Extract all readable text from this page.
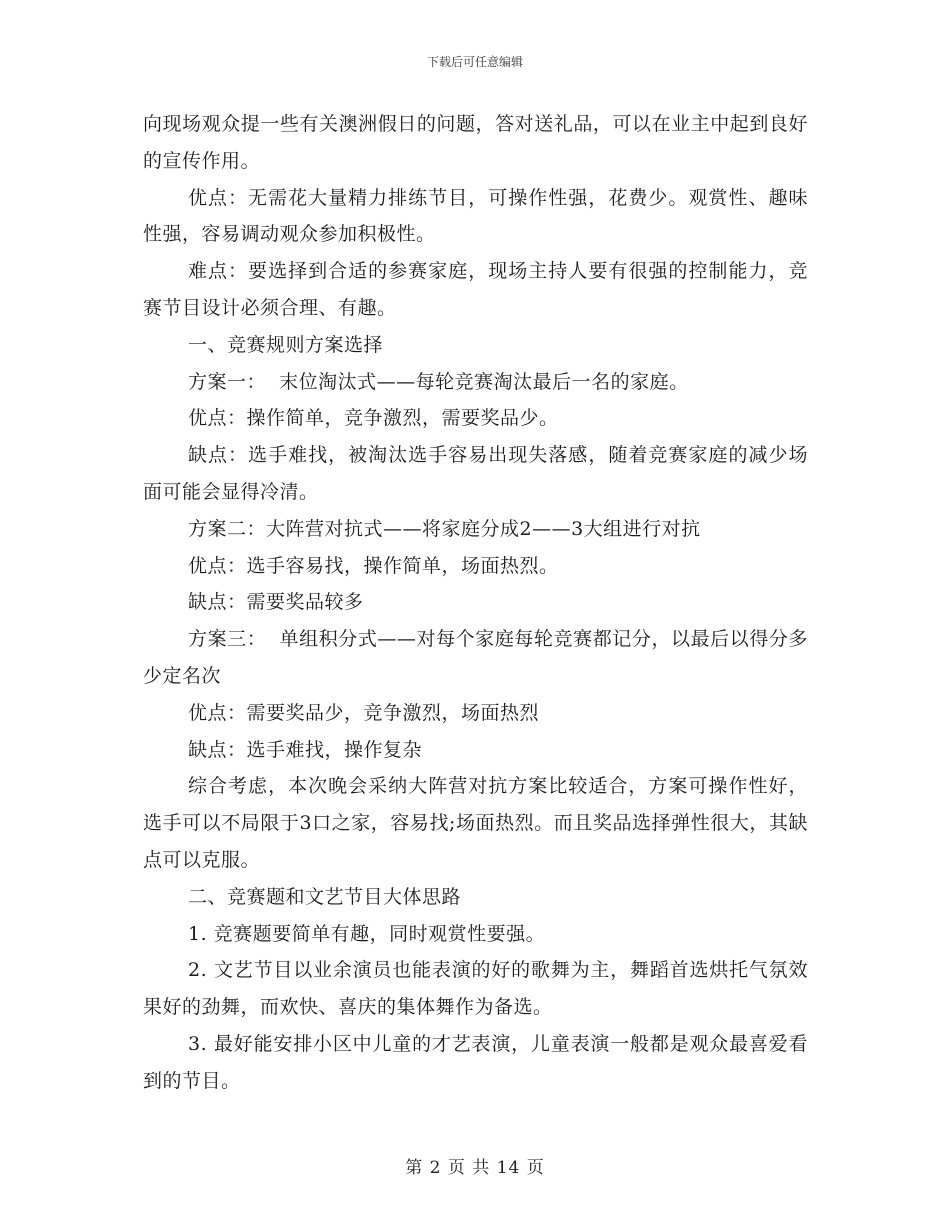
下载后可任意编辑

向现场观众提一些有关澳洲假日的问题，答对送礼品，可以在业主中起到良好的宣传作用。

优点：无需花大量精力排练节目，可操作性强，花费少。观赏性、趣味性强，容易调动观众参加积极性。

难点：要选择到合适的参赛家庭，现场主持人要有很强的控制能力，竞赛节目设计必须合理、有趣。

一、竞赛规则方案选择

方案一：  末位淘汰式——每轮竞赛淘汰最后一名的家庭。

优点：操作简单，竞争激烈，需要奖品少。

缺点：选手难找，被淘汰选手容易出现失落感，随着竞赛家庭的减少场面可能会显得冷清。

方案二：大阵营对抗式——将家庭分成2——3大组进行对抗

优点：选手容易找，操作简单，场面热烈。

缺点：需要奖品较多

方案三：  单组积分式——对每个家庭每轮竞赛都记分，以最后以得分多少定名次

优点：需要奖品少，竞争激烈，场面热烈

缺点：选手难找，操作复杂

综合考虑，本次晚会采纳大阵营对抗方案比较适合，方案可操作性好，选手可以不局限于3口之家，容易找;场面热烈。而且奖品选择弹性很大，其缺点可以克服。

二、竞赛题和文艺节目大体思路

1. 竞赛题要简单有趣，同时观赏性要强。

2. 文艺节目以业余演员也能表演的好的歌舞为主，舞蹈首选烘托气氛效果好的劲舞，而欢快、喜庆的集体舞作为备选。

3. 最好能安排小区中儿童的才艺表演，儿童表演一般都是观众最喜爱看到的节目。

第 2 页 共 14 页
